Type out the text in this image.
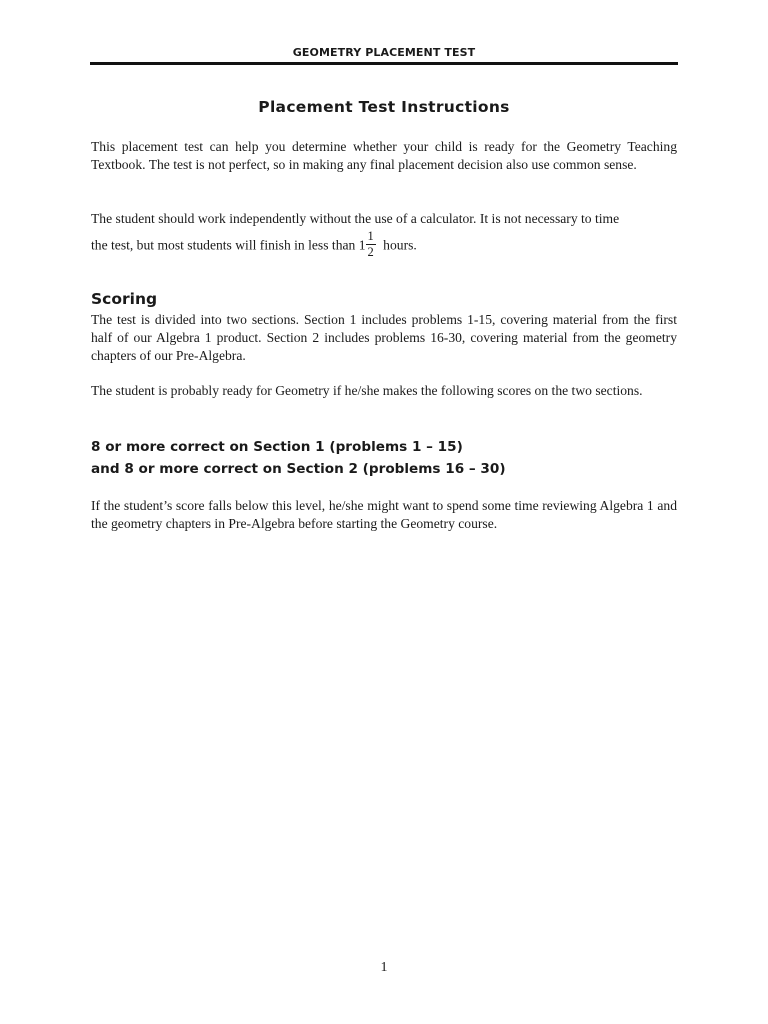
GEOMETRY PLACEMENT TEST
Placement Test Instructions

This placement test can help you determine whether your child is ready for the Geometry Teaching Textbook. The test is not perfect, so in making any final placement decision also use common sense.

The student should work independently without the use of a calculator. It is not necessary to time
the test, but most students will finish in less than $1 \frac{1}{2}$ hours.

Scoring

The test is divided into two sections. Section 1 includes problems 1-15, covering material from the first half of our Algebra 1 product. Section 2 includes problems 16-30, covering material from the geometry chapters of our Pre-Algebra.

The student is probably ready for Geometry if he/she makes the following scores on the two sections.

8 or more correct on Section 1 (problems 1 – 15)
and 8 or more correct on Section 2 (problems 16 – 30)

If the student’s score falls below this level, he/she might want to spend some time reviewing Algebra 1 and the geometry chapters in Pre-Algebra before starting the Geometry course.

1
